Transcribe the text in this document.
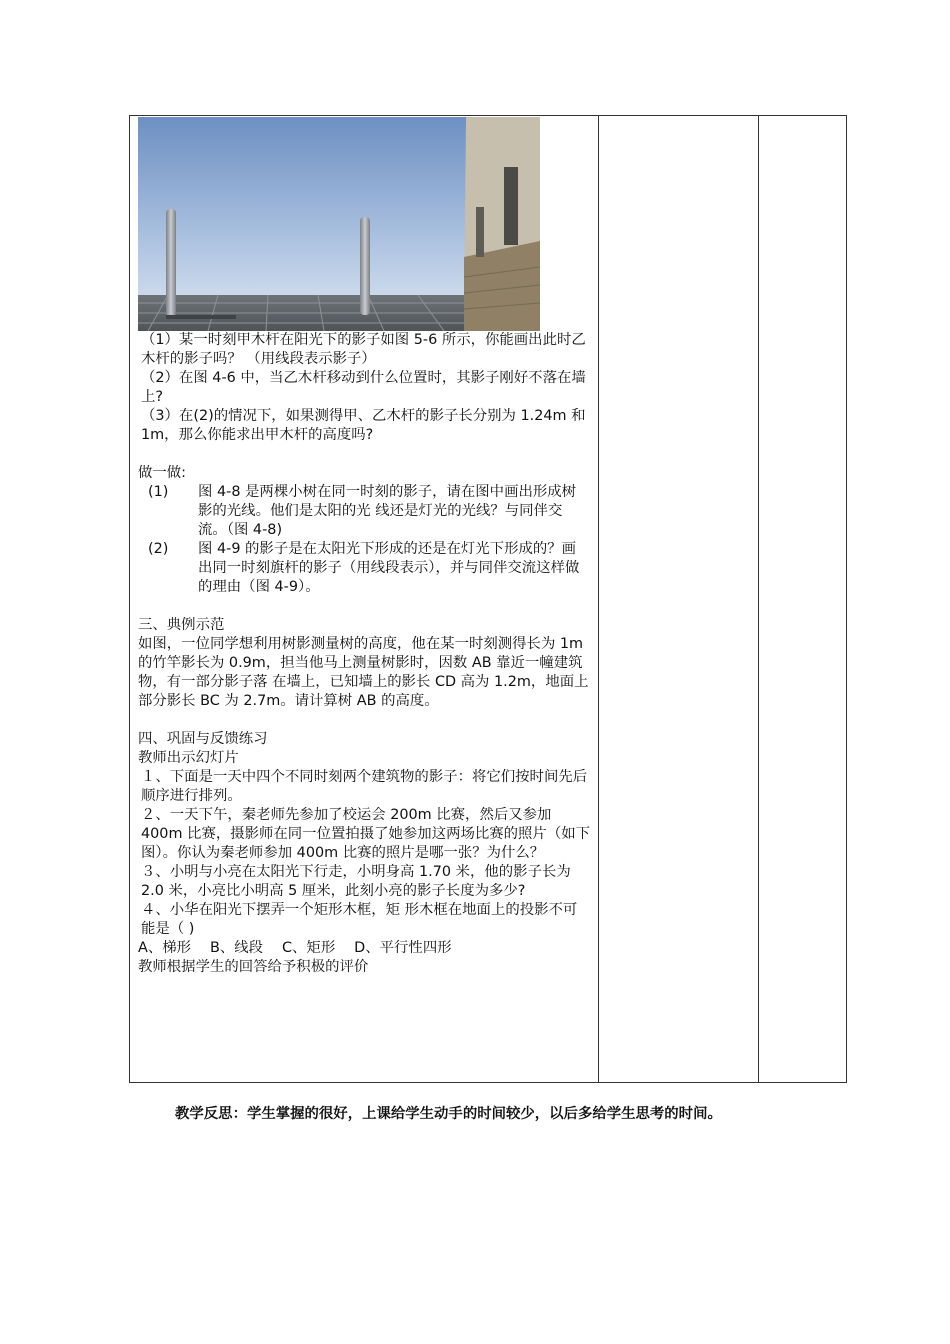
（1）某一时刻甲木杆在阳光下的影子如图 5-6 所示，你能画出此时乙木杆的影子吗？ （用线段表示影子）

（2）在图 4-6 中，当乙木杆移动到什么位置时，其影子刚好不落在墙上?

（3）在(2)的情况下，如果测得甲、乙木杆的影子长分别为 1.24m 和 1m，那么你能求出甲木杆的高度吗?

做一做:

(1)	图 4-8 是两棵小树在同一时刻的影子，请在图中画出形成树影的光线。他们是太阳的光 线还是灯光的光线？与同伴交流。（图 4-8)
(2)	图 4-9 的影子是在太阳光下形成的还是在灯光下形成的？画出同一时刻旗杆的影子（用线段表示），并与同伴交流这样做的理由（图 4-9）。

三、典例示范

如图，一位同学想利用树影测量树的高度，他在某一时刻测得长为 1m 的竹竿影长为 0.9m，担当他马上测量树影时，因数 AB 靠近一幢建筑物，有一部分影子落 在墙上，已知墙上的影长 CD 高为 1.2m，地面上部分影长 BC 为 2.7m。请计算树 AB 的高度。

四、巩固与反馈练习

教师出示幻灯片

１、下面是一天中四个不同时刻两个建筑物的影子：将它们按时间先后顺序进行排列。

２、一天下午，秦老师先参加了校运会 200m 比赛，然后又参加 400m 比赛，摄影师在同一位置拍摄了她参加这两场比赛的照片（如下图）。你认为秦老师参加 400m 比赛的照片是哪一张？为什么？

３、小明与小亮在太阳光下行走，小明身高 1.70 米，他的影子长为 2.0 米，小亮比小明高 5 厘米，此刻小亮的影子长度为多少?

４、小华在阳光下摆弄一个矩形木框，矩 形木框在地面上的投影不可能是（ )

A、梯形　 B、线段　 C、矩形　 D、平行性四形

教师根据学生的回答给予积极的评价

教学反思：学生掌握的很好，上课给学生动手的时间较少，以后多给学生思考的时间。
